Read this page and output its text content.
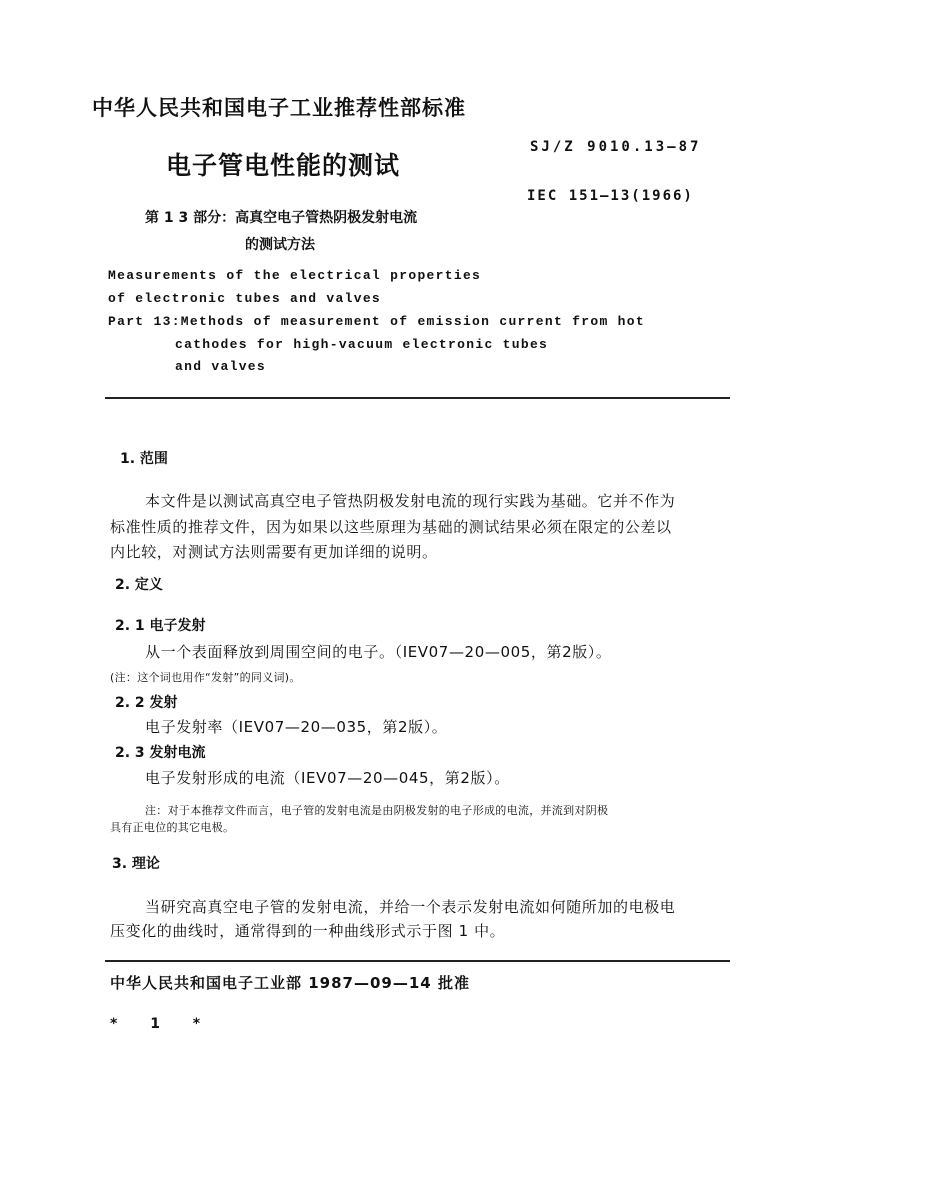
中华人民共和国电子工业推荐性部标准
电子管电性能的测试
SJ/Z 9010.13—87
IEC 151—13(1966)
第 1 3 部分：高真空电子管热阴极发射电流
的测试方法
Measurements of the electrical properties
of electronic tubes and valves
Part 13:Methods of measurement of emission current from hot
cathodes for high-vacuum electronic tubes
and valves
1. 范围
本文件是以测试高真空电子管热阴极发射电流的现行实践为基础。它并不作为
标准性质的推荐文件，因为如果以这些原理为基础的测试结果必须在限定的公差以
内比较，对测试方法则需要有更加详细的说明。
2. 定义
2. 1 电子发射
从一个表面释放到周围空间的电子。（IEV07—20—005，第2版）。
(注：这个词也用作“发射”的同义词)。
2. 2 发射
电子发射率（IEV07—20—035，第2版）。
2. 3 发射电流
电子发射形成的电流（IEV07—20—045，第2版）。
注：对于本推荐文件而言，电子管的发射电流是由阴极发射的电子形成的电流，并流到对阴极
具有正电位的其它电极。
3. 理论
当研究高真空电子管的发射电流，并给一个表示发射电流如何随所加的电极电
压变化的曲线时，通常得到的一种曲线形式示于图 1 中。
中华人民共和国电子工业部 1987—09—14 批准
* 1 *
